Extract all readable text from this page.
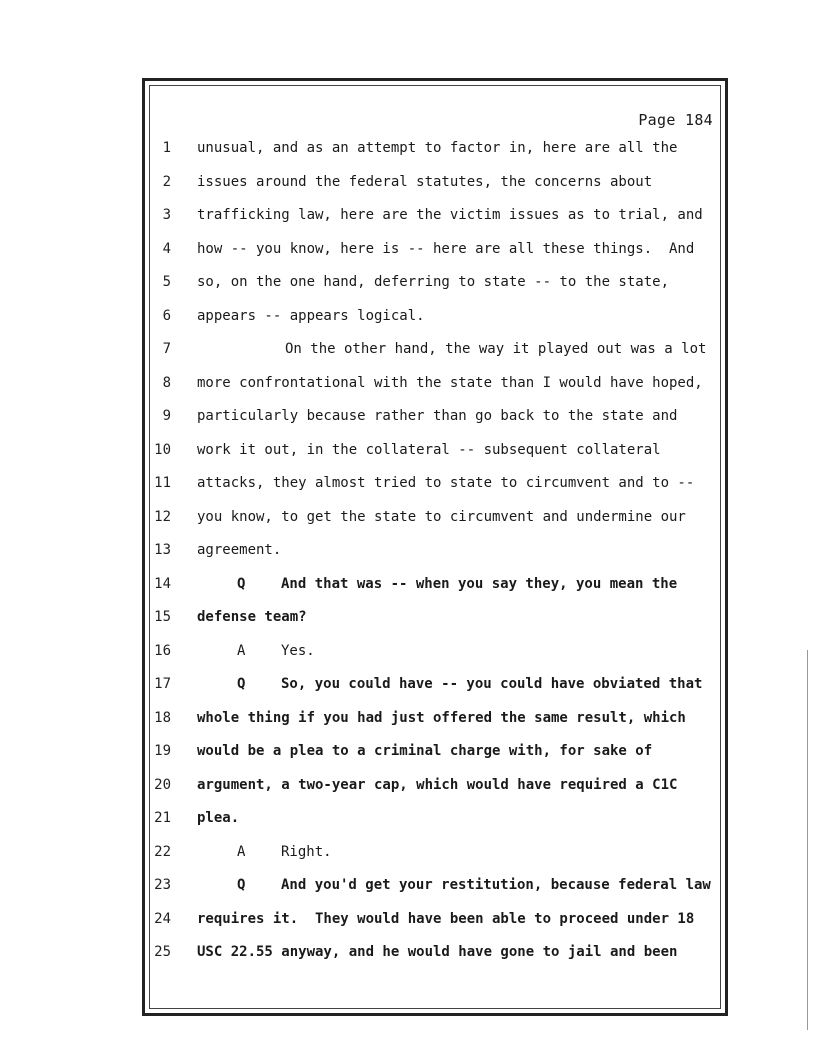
Page 184
1 unusual, and as an attempt to factor in, here are all the
2 issues around the federal statutes, the concerns about
3 trafficking law, here are the victim issues as to trial, and
4 how -- you know, here is -- here are all these things.  And
5 so, on the one hand, deferring to state -- to the state,
6 appears -- appears logical.
7	On the other hand, the way it played out was a lot
8 more confrontational with the state than I would have hoped,
9 particularly because rather than go back to the state and
10 work it out, in the collateral -- subsequent collateral
11 attacks, they almost tried to state to circumvent and to --
12 you know, to get the state to circumvent and undermine our
13 agreement.
14	Q	And that was -- when you say they, you mean the
15 defense team?
16	A	Yes.
17	Q	So, you could have -- you could have obviated that
18 whole thing if you had just offered the same result, which
19 would be a plea to a criminal charge with, for sake of
20 argument, a two-year cap, which would have required a C1C
21 plea.
22	A	Right.
23	Q	And you'd get your restitution, because federal law
24 requires it.  They would have been able to proceed under 18
25 USC 22.55 anyway, and he would have gone to jail and been
